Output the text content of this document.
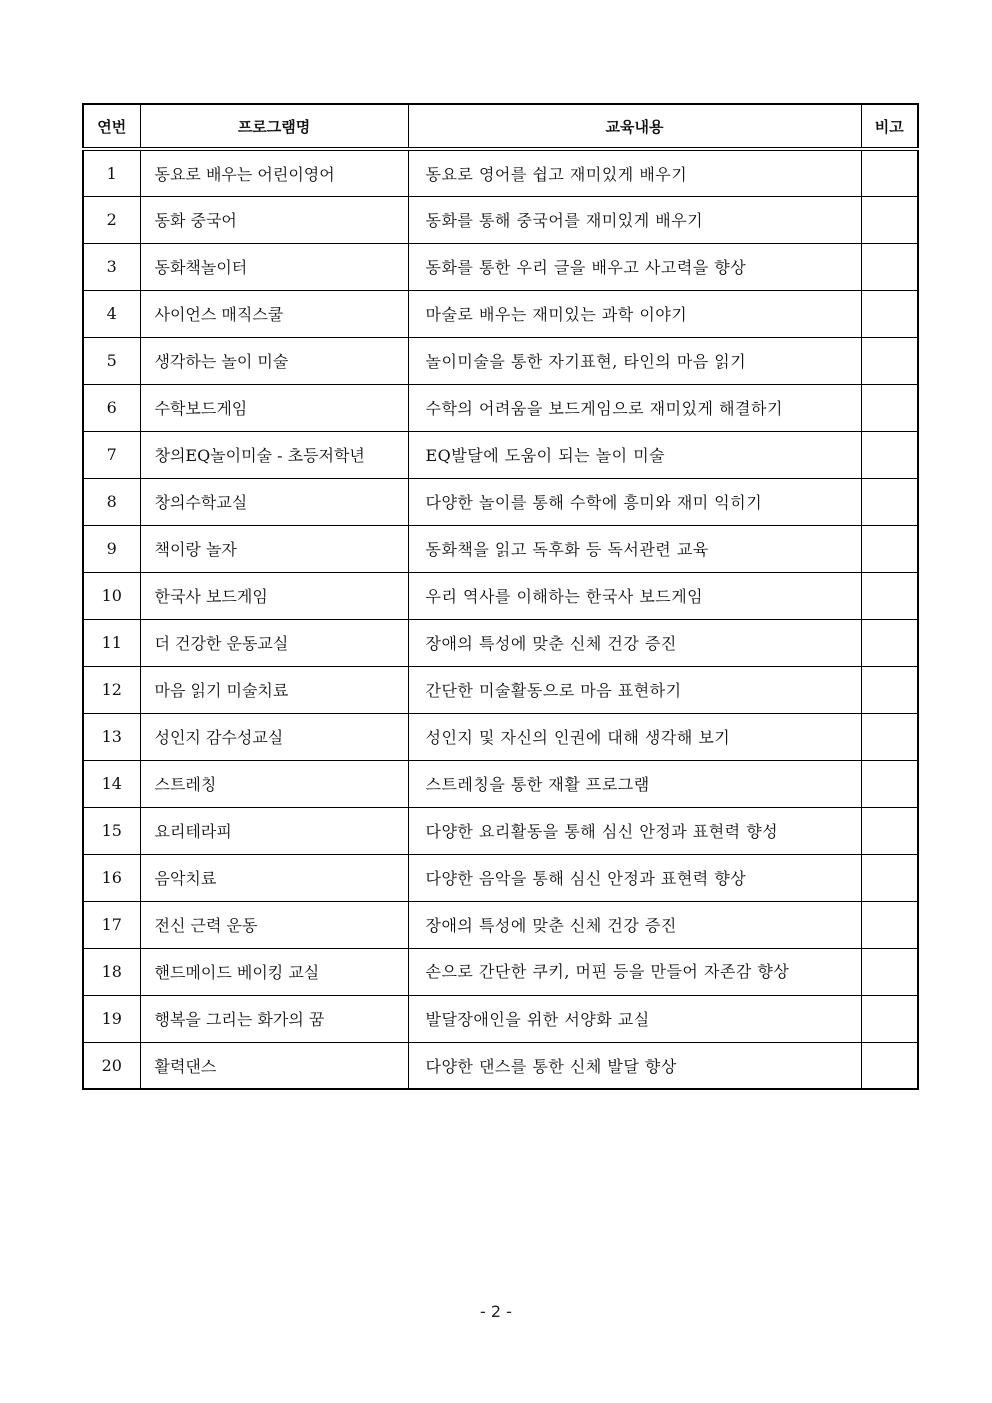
연번	프로그램명	교육내용	비고
1	동요로 배우는 어린이영어	동요로 영어를 쉽고 재미있게 배우기	
2	동화 중국어	동화를 통해 중국어를 재미있게 배우기	
3	동화책놀이터	동화를 통한 우리 글을 배우고 사고력을 향상	
4	사이언스 매직스쿨	마술로 배우는 재미있는 과학 이야기	
5	생각하는 놀이 미술	놀이미술을 통한 자기표현, 타인의 마음 읽기	
6	수학보드게임	수학의 어려움을 보드게임으로 재미있게 해결하기	
7	창의EQ놀이미술 - 초등저학년	EQ발달에 도움이 되는 놀이 미술	
8	창의수학교실	다양한 놀이를 통해 수학에 흥미와 재미 익히기	
9	책이랑 놀자	동화책을 읽고 독후화 등 독서관련 교육	
10	한국사 보드게임	우리 역사를 이해하는 한국사 보드게임	
11	더 건강한 운동교실	장애의 특성에 맞춘 신체 건강 증진	
12	마음 읽기 미술치료	간단한 미술활동으로 마음 표현하기	
13	성인지 감수성교실	성인지 및 자신의 인권에 대해 생각해 보기	
14	스트레칭	스트레칭을 통한 재활 프로그램	
15	요리테라피	다양한 요리활동을 통해 심신 안정과 표현력 향성	
16	음악치료	다양한 음악을 통해 심신 안정과 표현력 향상	
17	전신 근력 운동	장애의 특성에 맞춘 신체 건강 증진	
18	핸드메이드 베이킹 교실	손으로 간단한 쿠키, 머핀 등을 만들어 자존감 향상	
19	행복을 그리는 화가의 꿈	발달장애인을 위한 서양화 교실	
20	활력댄스	다양한 댄스를 통한 신체 발달 향상	
- 2 -
